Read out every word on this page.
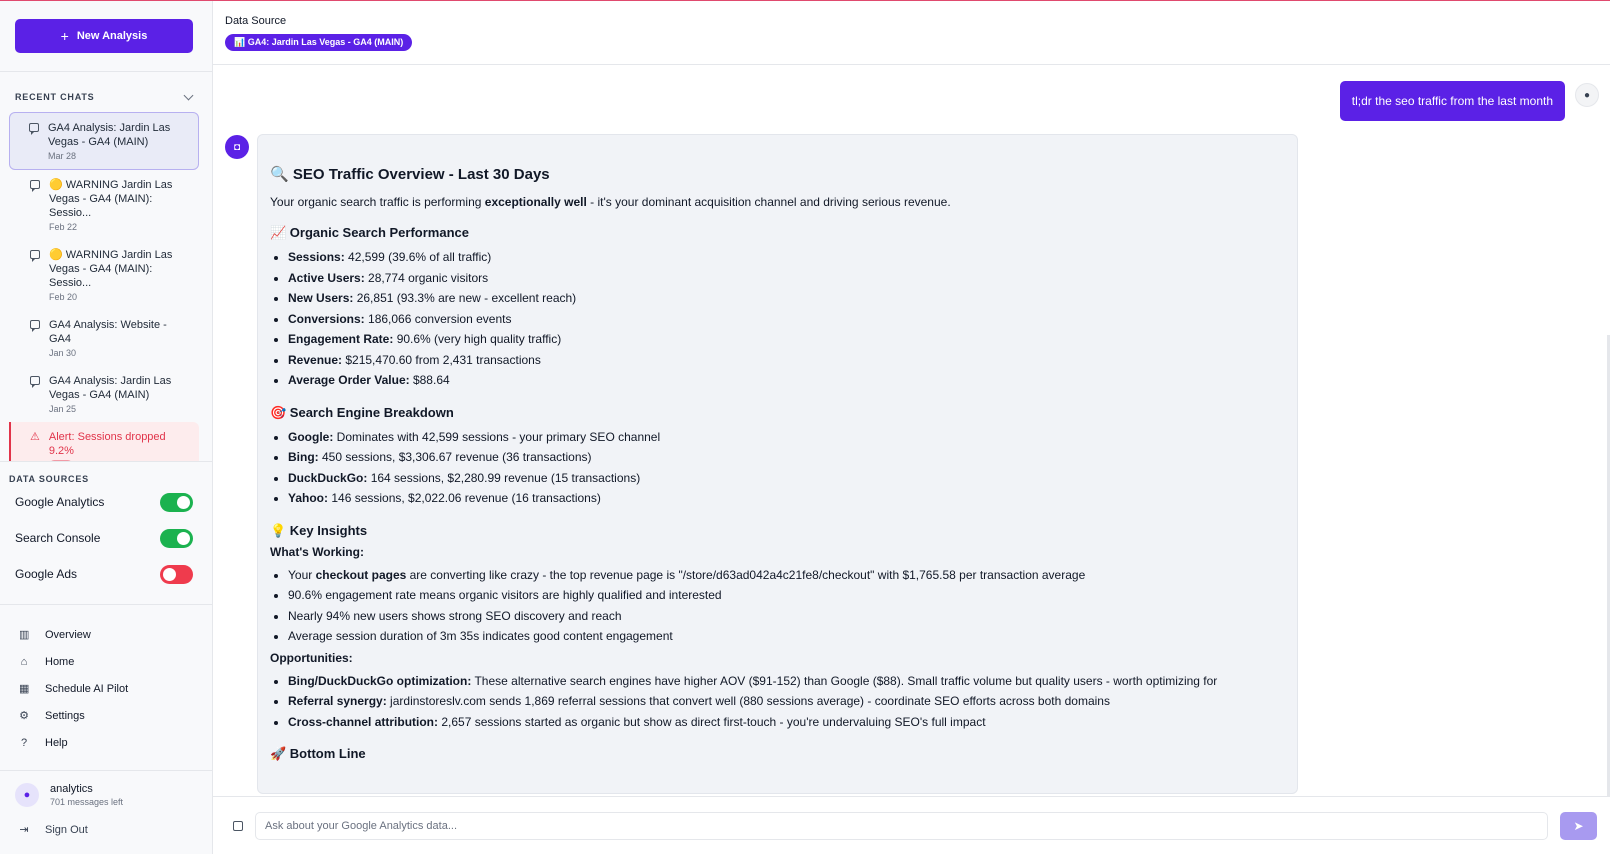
+ New Analysis
RECENT CHATS
GA4 Analysis: Jardin Las Vegas - GA4 (MAIN)
Mar 28
🟡 WARNING Jardin Las Vegas - GA4 (MAIN): Sessio...
Feb 22
🟡 WARNING Jardin Las Vegas - GA4 (MAIN): Sessio...
Feb 20
GA4 Analysis: Website - GA4
Jan 30
GA4 Analysis: Jardin Las Vegas - GA4 (MAIN)
Jan 25
⚠ Alert: Sessions dropped 9.2%
DATA SOURCES
Google Analytics
Search Console
Google Ads
▥ Overview
⌂ Home
▦ Schedule AI Pilot
⚙ Settings
? Help
●	analytics
701 messages left
⇥ Sign Out
Data Source
📊 GA4: Jardin Las Vegas - GA4 (MAIN)
tl;dr the seo traffic from the last month	●
◘
🔍 SEO Traffic Overview - Last 30 Days

Your organic search traffic is performing exceptionally well - it's your dominant acquisition channel and driving serious revenue.

📈 Organic Search Performance
• Sessions: 42,599 (39.6% of all traffic)
• Active Users: 28,774 organic visitors
• New Users: 26,851 (93.3% are new - excellent reach)
• Conversions: 186,066 conversion events
• Engagement Rate: 90.6% (very high quality traffic)
• Revenue: $215,470.60 from 2,431 transactions
• Average Order Value: $88.64
🎯 Search Engine Breakdown
• Google: Dominates with 42,599 sessions - your primary SEO channel
• Bing: 450 sessions, $3,306.67 revenue (36 transactions)
• DuckDuckGo: 164 sessions, $2,280.99 revenue (15 transactions)
• Yahoo: 146 sessions, $2,022.06 revenue (16 transactions)
💡 Key Insights
What's Working:
• Your checkout pages are converting like crazy - the top revenue page is "/store/d63ad042a4c21fe8/checkout" with $1,765.58 per transaction average
• 90.6% engagement rate means organic visitors are highly qualified and interested
• Nearly 94% new users shows strong SEO discovery and reach
• Average session duration of 3m 35s indicates good content engagement
Opportunities:
• Bing/DuckDuckGo optimization: These alternative search engines have higher AOV ($91-152) than Google ($88). Small traffic volume but quality users - worth optimizing for
• Referral synergy: jardinstoreslv.com sends 1,869 referral sessions that convert well (880 sessions average) - coordinate SEO efforts across both domains
• Cross-channel attribution: 2,657 sessions started as organic but show as direct first-touch - you're undervaluing SEO's full impact
🚀 Bottom Line
Ask about your Google Analytics data...
➤
